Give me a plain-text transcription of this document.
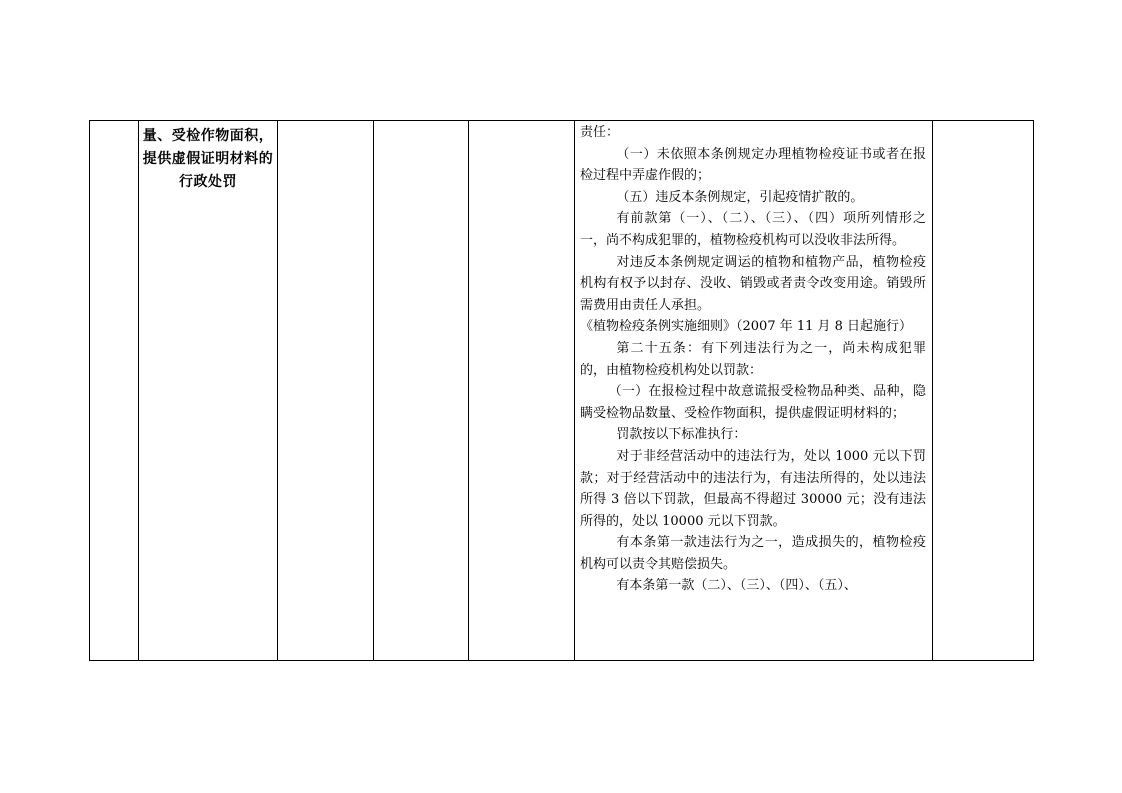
量、受检作物面积，提供虚假证明材料的行政处罚

责任：

（一）未依照本条例规定办理植物检疫证书或者在报检过程中弄虚作假的；

（五）违反本条例规定，引起疫情扩散的。

有前款第（一）、（二）、（三）、（四）项所列情形之一，尚不构成犯罪的，植物检疫机构可以没收非法所得。

对违反本条例规定调运的植物和植物产品，植物检疫机构有权予以封存、没收、销毁或者责令改变用途。销毁所需费用由责任人承担。

《植物检疫条例实施细则》（2007 年 11 月 8 日起施行）

第二十五条：有下列违法行为之一，尚未构成犯罪的，由植物检疫机构处以罚款：

（一）在报检过程中故意谎报受检物品种类、品种，隐瞒受检物品数量、受检作物面积，提供虚假证明材料的；

罚款按以下标准执行：

对于非经营活动中的违法行为，处以 1000 元以下罚款；对于经营活动中的违法行为，有违法所得的，处以违法所得 3 倍以下罚款，但最高不得超过 30000 元；没有违法所得的，处以 10000 元以下罚款。

有本条第一款违法行为之一，造成损失的，植物检疫机构可以责令其赔偿损失。

有本条第一款（二）、（三）、（四）、（五）、
